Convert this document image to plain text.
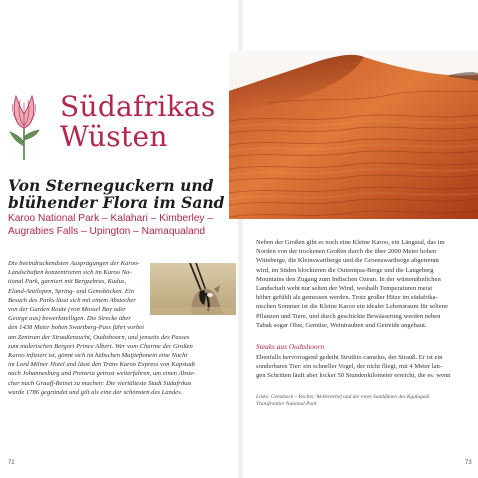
Südafrikas
Wüsten
Von Sterneguckern und
blühender Flora im Sand
Karoo National Park – Kalahari – Kimberley –
Augrabies Falls – Upington – Namaqualand
Die beeindruckendsten Ausprägungen der Karoo-
Landschaften konzentrieren sich im Karoo Na-
tional Park, garniert mit Bergzebras, Kudus,
Eland-Antilopen, Spring- und Gemsböcken. Ein
Besuch des Parks lässt sich mit einem Abstecher
von der Garden Route (von Mossel Bay oder
George aus) bewerkstelligen. Die Strecke über
den 1438 Meter hohen Swartberg-Pass führt vorbei
am Zentrum der Straußenzucht, Oudtshoorn, und jenseits des Passes
zum malerischen Bergort Prince Albert. Wer vom Charme der Großen
Karoo infiziert ist, gönnt sich im hübschen Matjieftonein eine Nacht
im Lord Milner Hotel und lässt den Trans Karoo Express von Kapstadt
nach Johannesburg und Pretoria getrost weiterfahren, um einen Abste-
cher nach Graaff-Reinet zu machen: Die viertälteste Stadt Südafrikas
wurde 1786 gegründet und gilt als eine der schönsten des Landes.
72
Neben der Großen gibt es noch eine Kleine Karoo, ein Längstal, das im
Norden von der trockenen Großen durch die über 2000 Meter hohen
Witteberge, die Kleinswartberge und die Groenswartberge abgetrennt
wird, im Süden blockieren die Outeniqua-Berge und die Langeberg
Mountains den Zugang zum Indischen Ozean. In der wüstenähnlichen
Landschaft weht nur selten der Wind, weshalb Temperaturen meist
höher gefühlt als gemessen werden. Trotz großer Hitze im südafrika-
nischen Sommer ist die Kleine Karoo ein idealer Lebensraum für seltene
Pflanzen und Tiere, und durch geschickte Bewässerung werden neben
Tabak sogar Obst, Gemüse, Weintrauben und Getreide angebaut.
Steaks aus Oudtshoorn
Ebenfalls hervorragend gedeiht Struthio camelus, der Strauß. Er ist ein
sonderbares Tier: ein schneller Vogel, der nicht fliegt, mit 4 Meter lan-
gen Schritten läuft aber locker 50 Stundenkilometer erreicht, die es. wenn
Links: Gemsbock – Rechts: Wellenrelief und die roten Sanddünen des Kgalagadi
Transfrontier National Park
73
